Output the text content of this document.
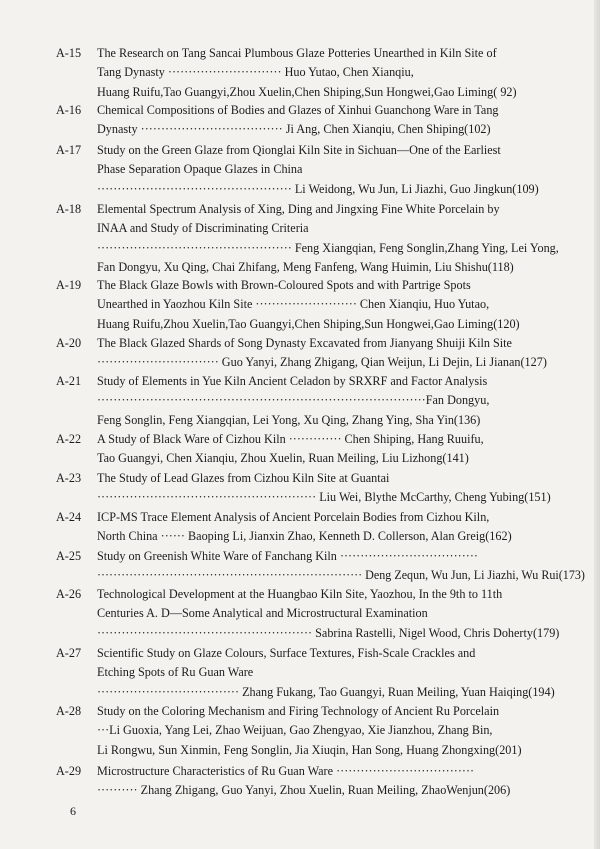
A-15 The Research on Tang Sancai Plumbous Glaze Potteries Unearthed in Kiln Site of
Tang Dynasty ···························· Huo Yutao, Chen Xianqiu,
Huang Ruifu,Tao Guangyi,Zhou Xuelin,Chen Shiping,Sun Hongwei,Gao Liming( 92)
A-16 Chemical Compositions of Bodies and Glazes of Xinhui Guanchong Ware in Tang
Dynasty ··································· Ji Ang, Chen Xianqiu, Chen Shiping(102)
A-17 Study on the Green Glaze from Qionglai Kiln Site in Sichuan—One of the Earliest
Phase Separation Opaque Glazes in China
················································ Li Weidong, Wu Jun, Li Jiazhi, Guo Jingkun(109)
A-18 Elemental Spectrum Analysis of Xing, Ding and Jingxing Fine White Porcelain by
INAA and Study of Discriminating Criteria
················································ Feng Xiangqian, Feng Songlin,Zhang Ying, Lei Yong,
Fan Dongyu, Xu Qing, Chai Zhifang, Meng Fanfeng, Wang Huimin, Liu Shishu(118)
A-19 The Black Glaze Bowls with Brown-Coloured Spots and with Partrige Spots
Unearthed in Yaozhou Kiln Site ························· Chen Xianqiu, Huo Yutao,
Huang Ruifu,Zhou Xuelin,Tao Guangyi,Chen Shiping,Sun Hongwei,Gao Liming(120)
A-20 The Black Glazed Shards of Song Dynasty Excavated from Jianyang Shuiji Kiln Site
······························ Guo Yanyi, Zhang Zhigang, Qian Weijun, Li Dejin, Li Jianan(127)
A-21 Study of Elements in Yue Kiln Ancient Celadon by SRXRF and Factor Analysis
·················································································Fan Dongyu,
Feng Songlin, Feng Xiangqian, Lei Yong, Xu Qing, Zhang Ying, Sha Yin(136)
A-22 A Study of Black Ware of Cizhou Kiln ············· Chen Shiping, Hang Ruuifu,
Tao Guangyi, Chen Xianqiu, Zhou Xuelin, Ruan Meiling, Liu Lizhong(141)
A-23 The Study of Lead Glazes from Cizhou Kiln Site at Guantai
······················································ Liu Wei, Blythe McCarthy, Cheng Yubing(151)
A-24 ICP-MS Trace Element Analysis of Ancient Porcelain Bodies from Cizhou Kiln,
North China ······ Baoping Li, Jianxin Zhao, Kenneth D. Collerson, Alan Greig(162)
A-25 Study on Greenish White Ware of Fanchang Kiln ··································
·································································· Deng Zequn, Wu Jun, Li Jiazhi, Wu Rui(173)
A-26 Technological Development at the Huangbao Kiln Site, Yaozhou, In the 9th to 11th
Centuries A. D—Some Analytical and Microstructural Examination
····················································· Sabrina Rastelli, Nigel Wood, Chris Doherty(179)
A-27 Scientific Study on Glaze Colours, Surface Textures, Fish-Scale Crackles and
Etching Spots of Ru Guan Ware
··································· Zhang Fukang, Tao Guangyi, Ruan Meiling, Yuan Haiqing(194)
A-28 Study on the Coloring Mechanism and Firing Technology of Ancient Ru Porcelain
···Li Guoxia, Yang Lei, Zhao Weijuan, Gao Zhengyao, Xie Jianzhou, Zhang Bin,
Li Rongwu, Sun Xinmin, Feng Songlin, Jia Xiuqin, Han Song, Huang Zhongxing(201)
A-29 Microstructure Characteristics of Ru Guan Ware ··································
·········· Zhang Zhigang, Guo Yanyi, Zhou Xuelin, Ruan Meiling, ZhaoWenjun(206)
6
